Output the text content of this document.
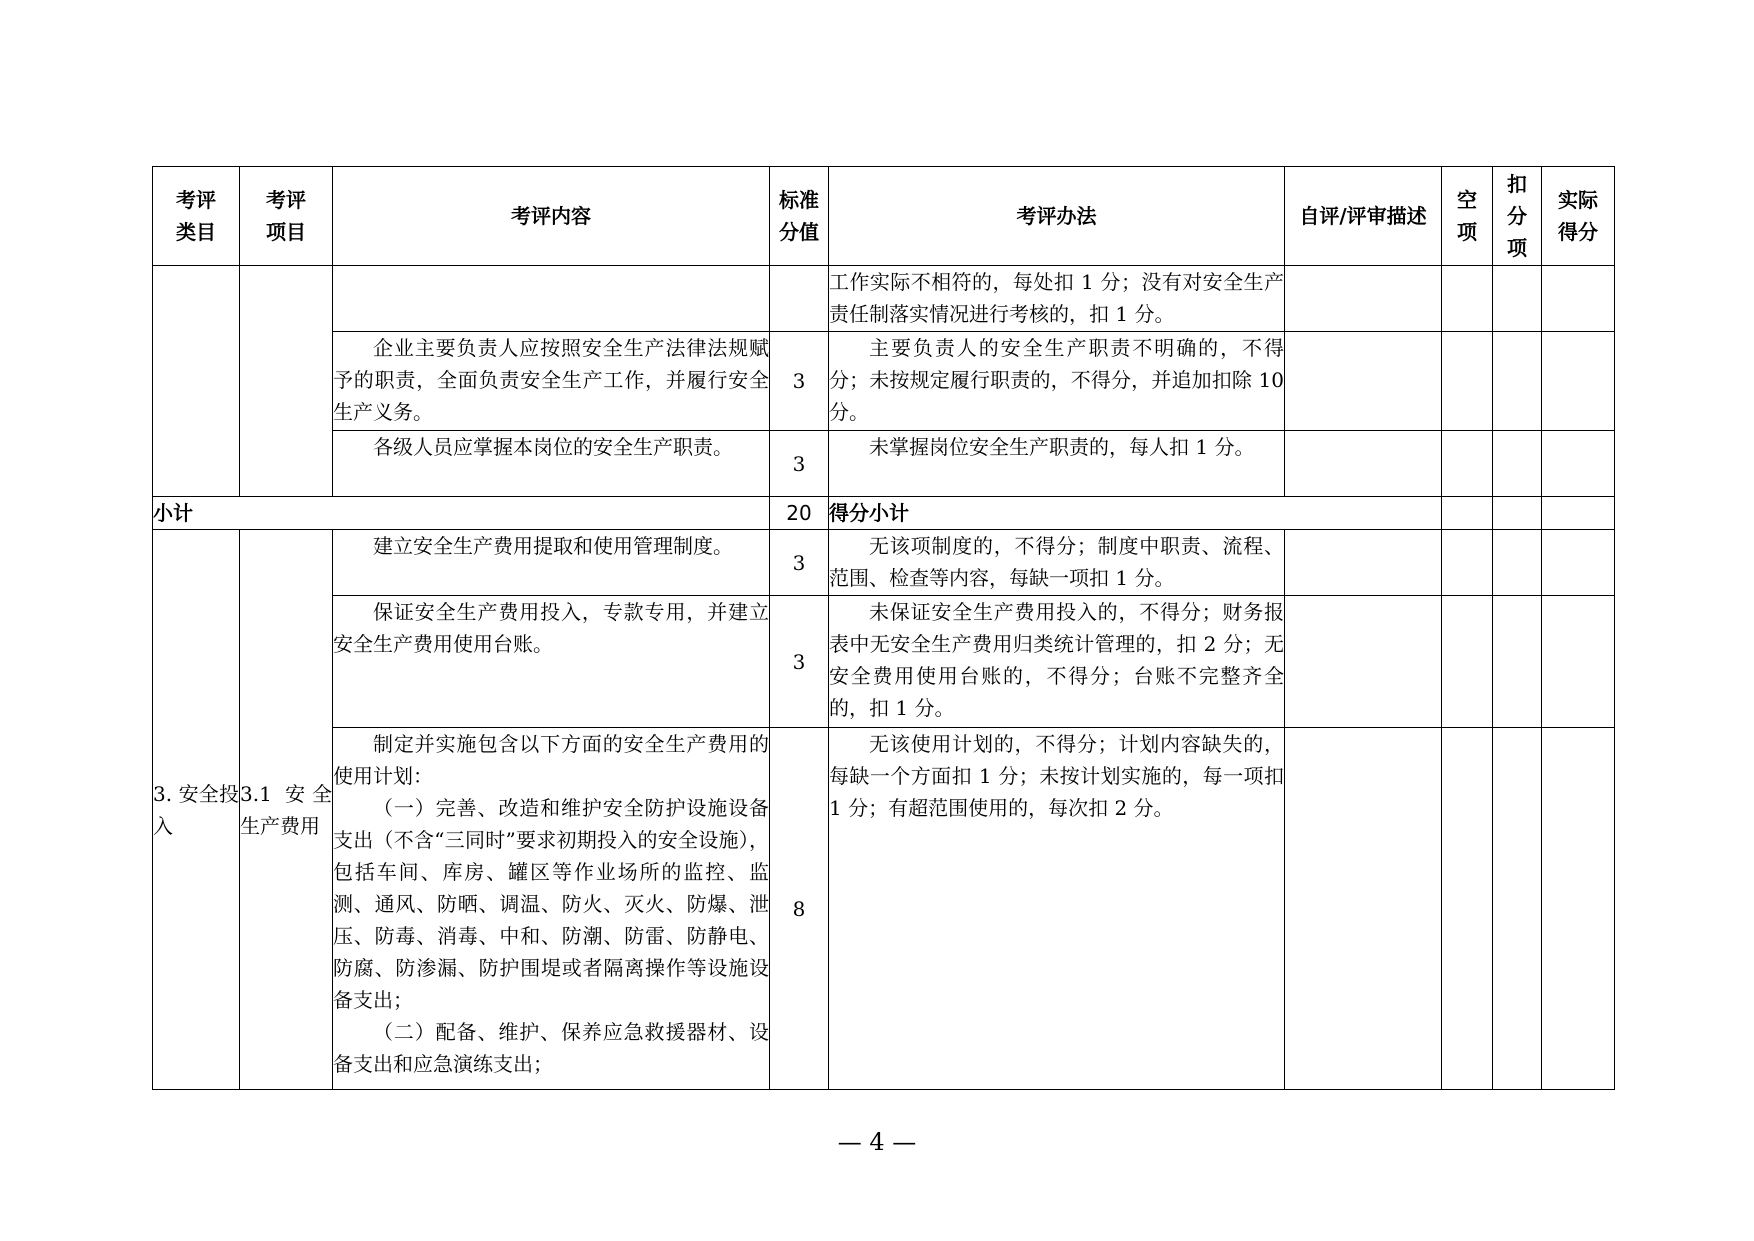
考评类目	考评项目	考评内容	标准分值	考评办法	自评/评审描述	空项	扣分项	实际得分

				工作实际不相符的，每处扣 1 分；没有对安全生产责任制落实情况进行考核的，扣 1 分。				

		企业主要负责人应按照安全生产法律法规赋予的职责，全面负责安全生产工作，并履行安全生产义务。	3	主要负责人的安全生产职责不明确的，不得分；未按规定履行职责的，不得分，并追加扣除 10 分。				

		各级人员应掌握本岗位的安全生产职责。	3	未掌握岗位安全生产职责的，每人扣 1 分。				

小计			20	得分小计				
3. 安全投入	3.1 安全生产费用	建立安全生产费用提取和使用管理制度。	3	无该项制度的，不得分；制度中职责、流程、范围、检查等内容，每缺一项扣 1 分。				

		保证安全生产费用投入，专款专用，并建立安全生产费用使用台账。	3	未保证安全生产费用投入的，不得分；财务报表中无安全生产费用归类统计管理的，扣 2 分；无安全费用使用台账的，不得分；台账不完整齐全的，扣 1 分。				

		制定并实施包含以下方面的安全生产费用的使用计划：

（一）完善、改造和维护安全防护设施设备支出（不含“三同时”要求初期投入的安全设施），包括车间、库房、罐区等作业场所的监控、监测、通风、防晒、调温、防火、灭火、防爆、泄压、防毒、消毒、中和、防潮、防雷、防静电、防腐、防渗漏、防护围堤或者隔离操作等设施设备支出；

（二）配备、维护、保养应急救援器材、设备支出和应急演练支出；	8	无该使用计划的，不得分；计划内容缺失的，每缺一个方面扣 1 分；未按计划实施的，每一项扣 1 分；有超范围使用的，每次扣 2 分。				

— 4 —
